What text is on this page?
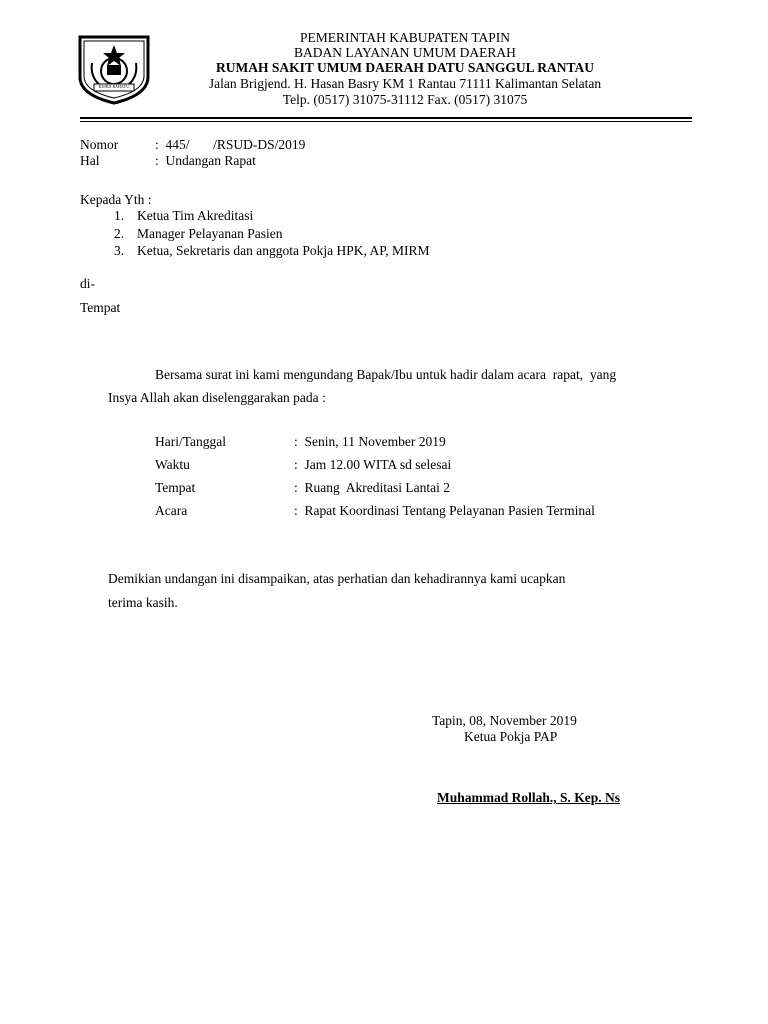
RUHUI RAHAYU
PEMERINTAH KABUPATEN TAPIN
BADAN LAYANAN UMUM DAERAH
RUMAH SAKIT UMUM DAERAH DATU SANGGUL RANTAU
Jalan Brigjend. H. Hasan Basry KM 1 Rantau 71111 Kalimantan Selatan
Telp. (0517) 31075-31112 Fax. (0517) 31075
Nomor	:  445/       /RSUD-DS/2019
Hal	:  Undangan Rapat
Kepada Yth :
1. Ketua Tim Akreditasi
2. Manager Pelayanan Pasien
3. Ketua, Sekretaris dan anggota Pokja HPK, AP, MIRM
di-
Tempat
Bersama surat ini kami mengundang Bapak/Ibu untuk hadir dalam acara  rapat,  yang
Insya Allah akan diselenggarakan pada :
Hari/Tanggal	:  Senin, 11 November 2019
Waktu	:  Jam 12.00 WITA sd selesai
Tempat	:  Ruang  Akreditasi Lantai 2
Acara	:  Rapat Koordinasi Tentang Pelayanan Pasien Terminal
Demikian undangan ini disampaikan, atas perhatian dan kehadirannya kami ucapkan
terima kasih.
Tapin, 08, November 2019
Ketua Pokja PAP
Muhammad Rollah., S. Kep. Ns
